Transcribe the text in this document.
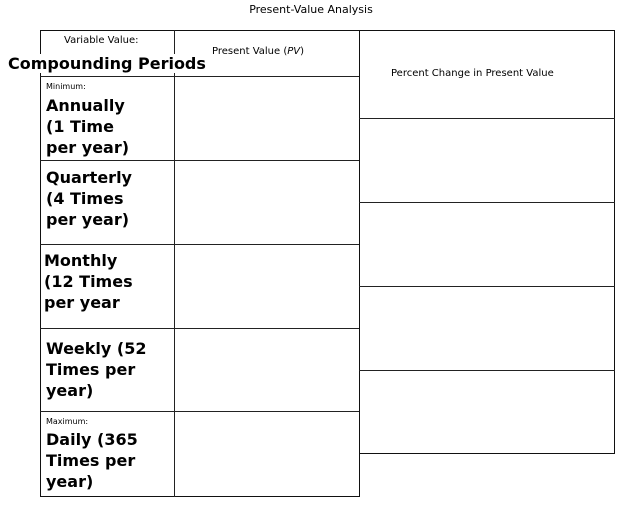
Present-Value Analysis
Variable Value:
Compounding Periods
Present Value (PV)
Percent Change in Present Value
Minimum:
Annually
(1 Time
per year)
Quarterly
(4 Times
per year)
Monthly
(12 Times
per year
Weekly (52
Times per
year)
Maximum:
Daily (365
Times per
year)
